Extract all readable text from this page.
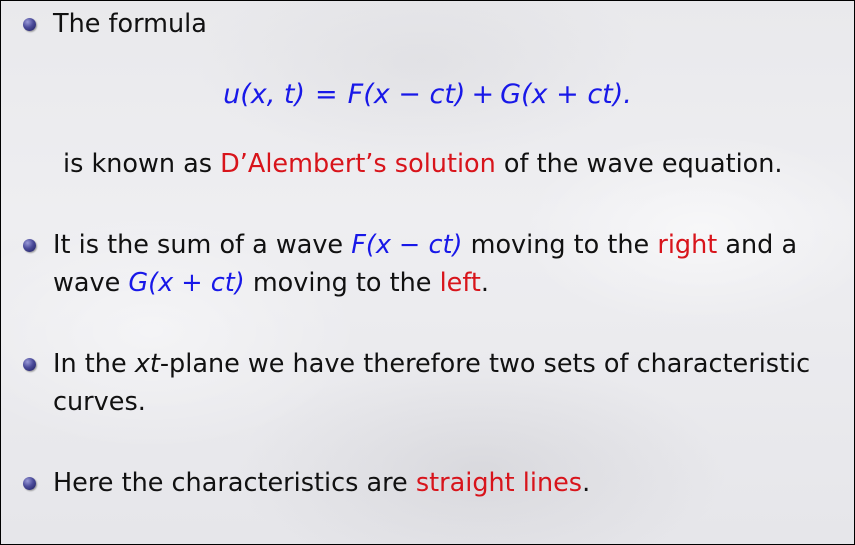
The formula
u(x, t) = F(x − ct) + G(x + ct).
is known as D’Alembert’s solution of the wave equation.
It is the sum of a wave F(x − ct) moving to the right and a
wave G(x + ct) moving to the left.
In the xt-plane we have therefore two sets of characteristic
curves.
Here the characteristics are straight lines.
